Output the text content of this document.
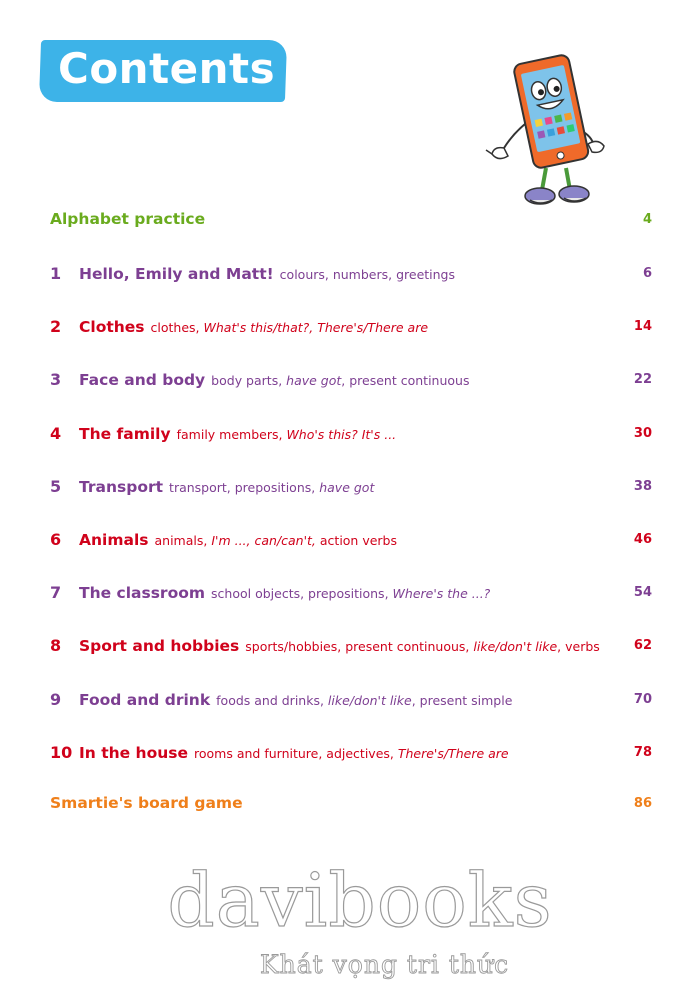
Contents
Alphabet practice	4
1 Hello, Emily and Matt! colours, numbers, greetings	6
2 Clothes clothes, What's this/that?, There's/There are	14
3 Face and body body parts, have got, present continuous	22
4 The family family members, Who's this? It's ...	30
5 Transport transport, prepositions, have got	38
6 Animals animals, I'm ..., can/can't, action verbs	46
7 The classroom school objects, prepositions, Where's the ...?	54
8 Sport and hobbies sports/hobbies, present continuous, like/don't like, verbs	62
9 Food and drink foods and drinks, like/don't like, present simple	70
10 In the house rooms and furniture, adjectives, There's/There are	78
Smartie's board game	86
davibooks
Khát vọng tri thức
